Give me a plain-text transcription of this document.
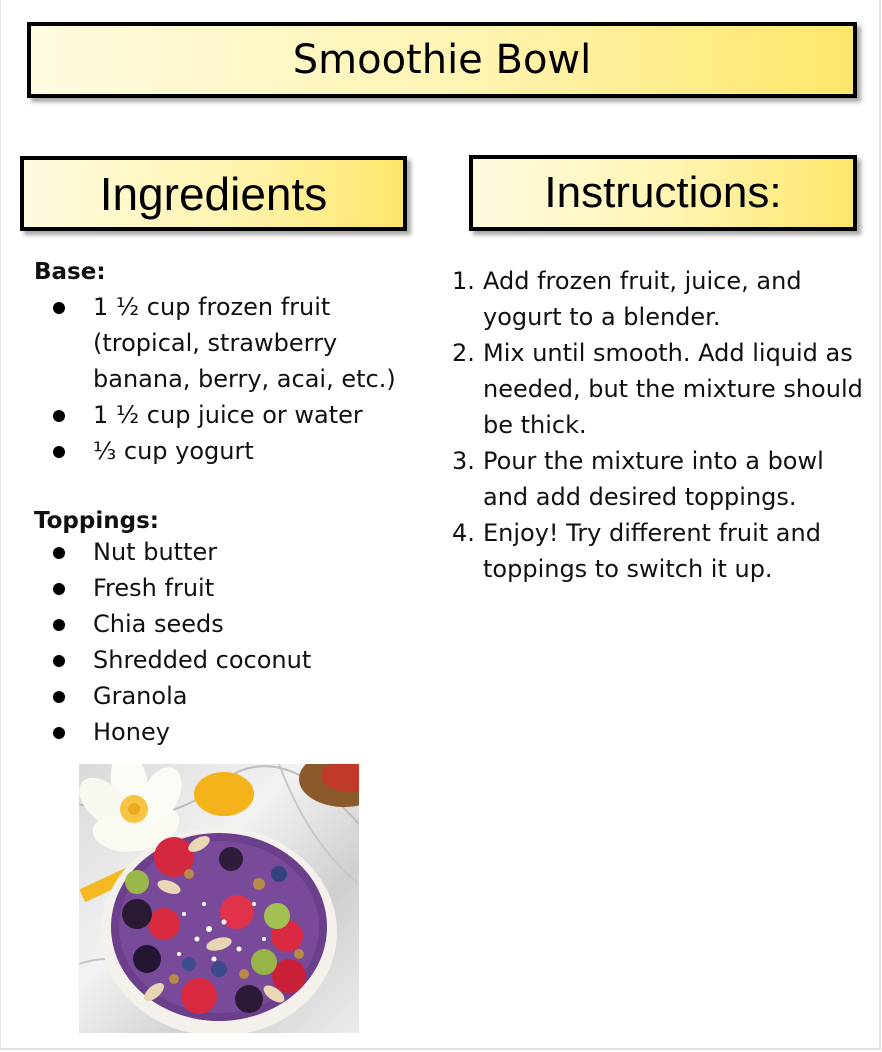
Smoothie Bowl
Ingredients	Instructions:
Base:
1 ½ cup frozen fruit (tropical, strawberry banana, berry, acai, etc.)
1 ½ cup juice or water
⅓ cup yogurt
Toppings:
Nut butter
Fresh fruit
Chia seeds
Shredded coconut
Granola
Honey
1. Add frozen fruit, juice, and yogurt to a blender.
2. Mix until smooth. Add liquid as needed, but the mixture should be thick.
3. Pour the mixture into a bowl and add desired toppings.
4. Enjoy! Try different fruit and toppings to switch it up.
